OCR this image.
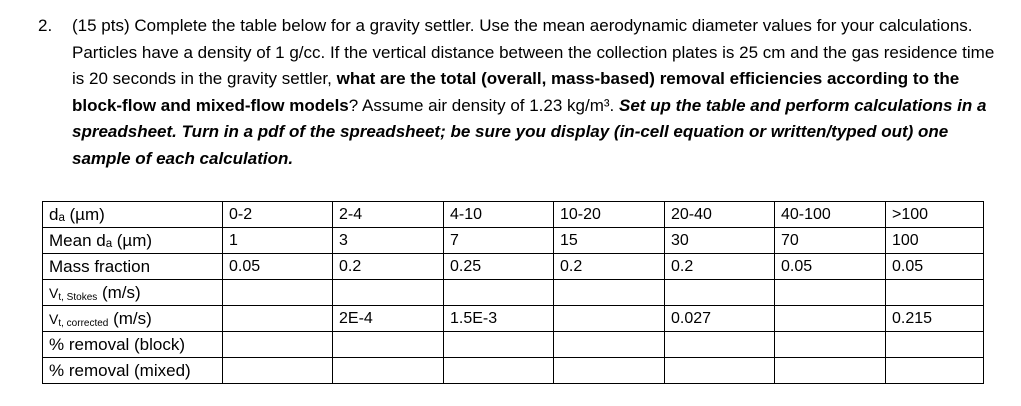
2. (15 pts) Complete the table below for a gravity settler. Use the mean aerodynamic diameter values for your calculations. Particles have a density of 1 g/cc. If the vertical distance between the collection plates is 25 cm and the gas residence time is 20 seconds in the gravity settler, what are the total (overall, mass-based) removal efficiencies according to the block-flow and mixed-flow models? Assume air density of 1.23 kg/m³. Set up the table and perform calculations in a spreadsheet. Turn in a pdf of the spreadsheet; be sure you display (in-cell equation or written/typed out) one sample of each calculation.
dₐ (µm)	0-2	2-4	4-10	10-20	20-40	40-100	>100
Mean dₐ (µm)	1	3	7	15	30	70	100
Mass fraction	0.05	0.2	0.25	0.2	0.2	0.05	0.05
$V_{t, Stokes}$ (m/s)							
$V_{t, corrected}$ (m/s)		2E-4	1.5E-3		0.027		0.215
% removal (block)							
% removal (mixed)							
